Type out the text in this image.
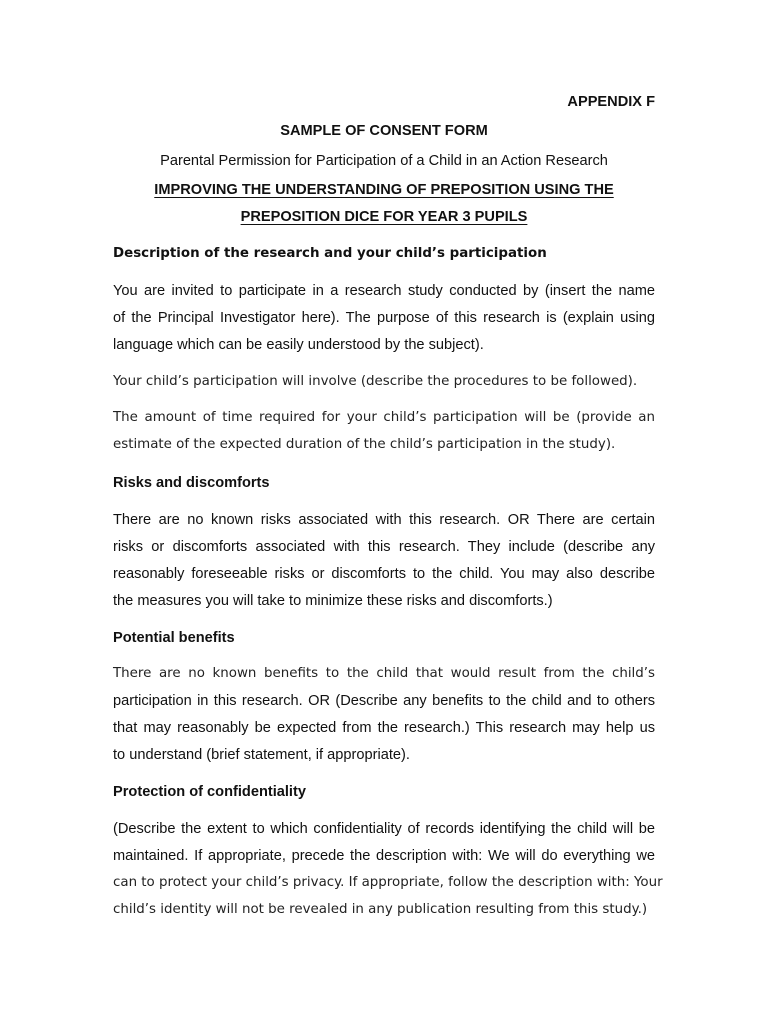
APPENDIX F

SAMPLE OF CONSENT FORM

Parental Permission for Participation of a Child in an Action Research

IMPROVING THE UNDERSTANDING OF PREPOSITION USING THE

PREPOSITION DICE FOR YEAR 3 PUPILS

Description of the research and your child’s participation

You are invited to participate in a research study conducted by (insert the name

of the Principal Investigator here). The purpose of this research is (explain using

language which can be easily understood by the subject).

Your child’s participation will involve (describe the procedures to be followed).

The amount of time required for your child’s participation will be (provide an

estimate of the expected duration of the child’s participation in the study).

Risks and discomforts

There are no known risks associated with this research. OR There are certain

risks or discomforts associated with this research. They include (describe any

reasonably foreseeable risks or discomforts to the child. You may also describe

the measures you will take to minimize these risks and discomforts.)

Potential benefits

There are no known benefits to the child that would result from the child’s

participation in this research. OR (Describe any benefits to the child and to others

that may reasonably be expected from the research.) This research may help us

to understand (brief statement, if appropriate).

Protection of confidentiality

(Describe the extent to which confidentiality of records identifying the child will be

maintained. If appropriate, precede the description with: We will do everything we

can to protect your child’s privacy. If appropriate, follow the description with: Your

child’s identity will not be revealed in any publication resulting from this study.)
